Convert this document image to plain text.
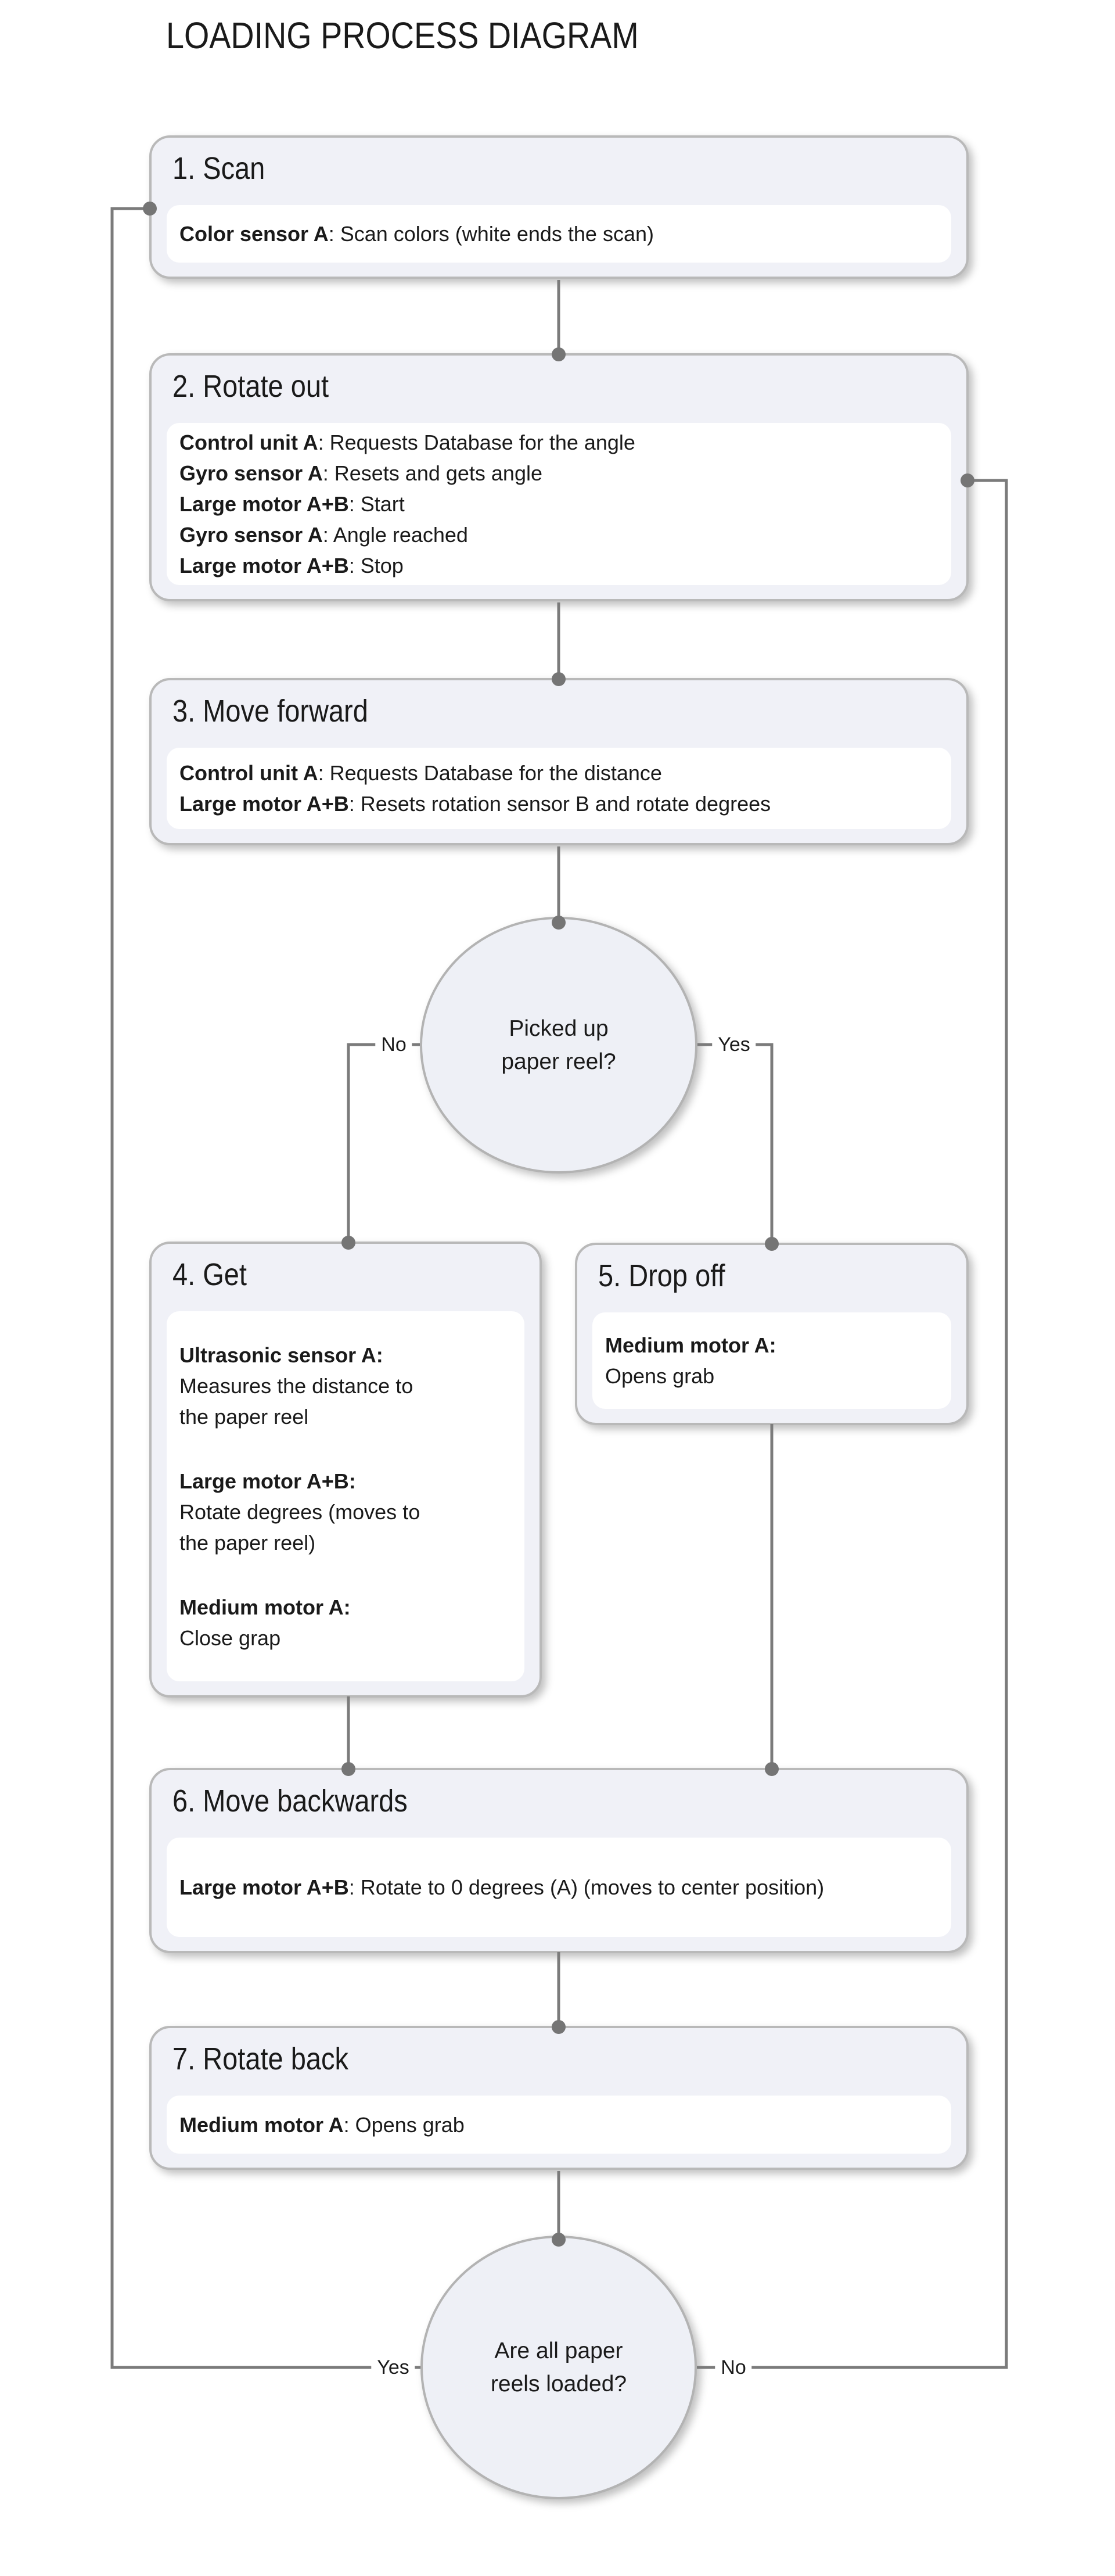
LOADING PROCESS DIAGRAM
1. Scan
Color sensor A: Scan colors (white ends the scan)
2. Rotate out
Control unit A: Requests Database for the angle
Gyro sensor A: Resets and gets angle
Large motor A+B: Start
Gyro sensor A: Angle reached
Large motor A+B: Stop
3. Move forward
Control unit A: Requests Database for the distance
Large motor A+B: Resets rotation sensor B and rotate degrees
Picked up paper reel?
4. Get
Ultrasonic sensor A:
Measures the distance to the paper reel
Large motor A+B:
Rotate degrees (moves to the paper reel)
Medium motor A:
Close grap
5. Drop off
Medium motor A:
Opens grab
6. Move backwards
Large motor A+B: Rotate to 0 degrees (A) (moves to center position)
7. Rotate back
Medium motor A: Opens grab
Are all paper reels loaded?
No	Yes
Yes	No
